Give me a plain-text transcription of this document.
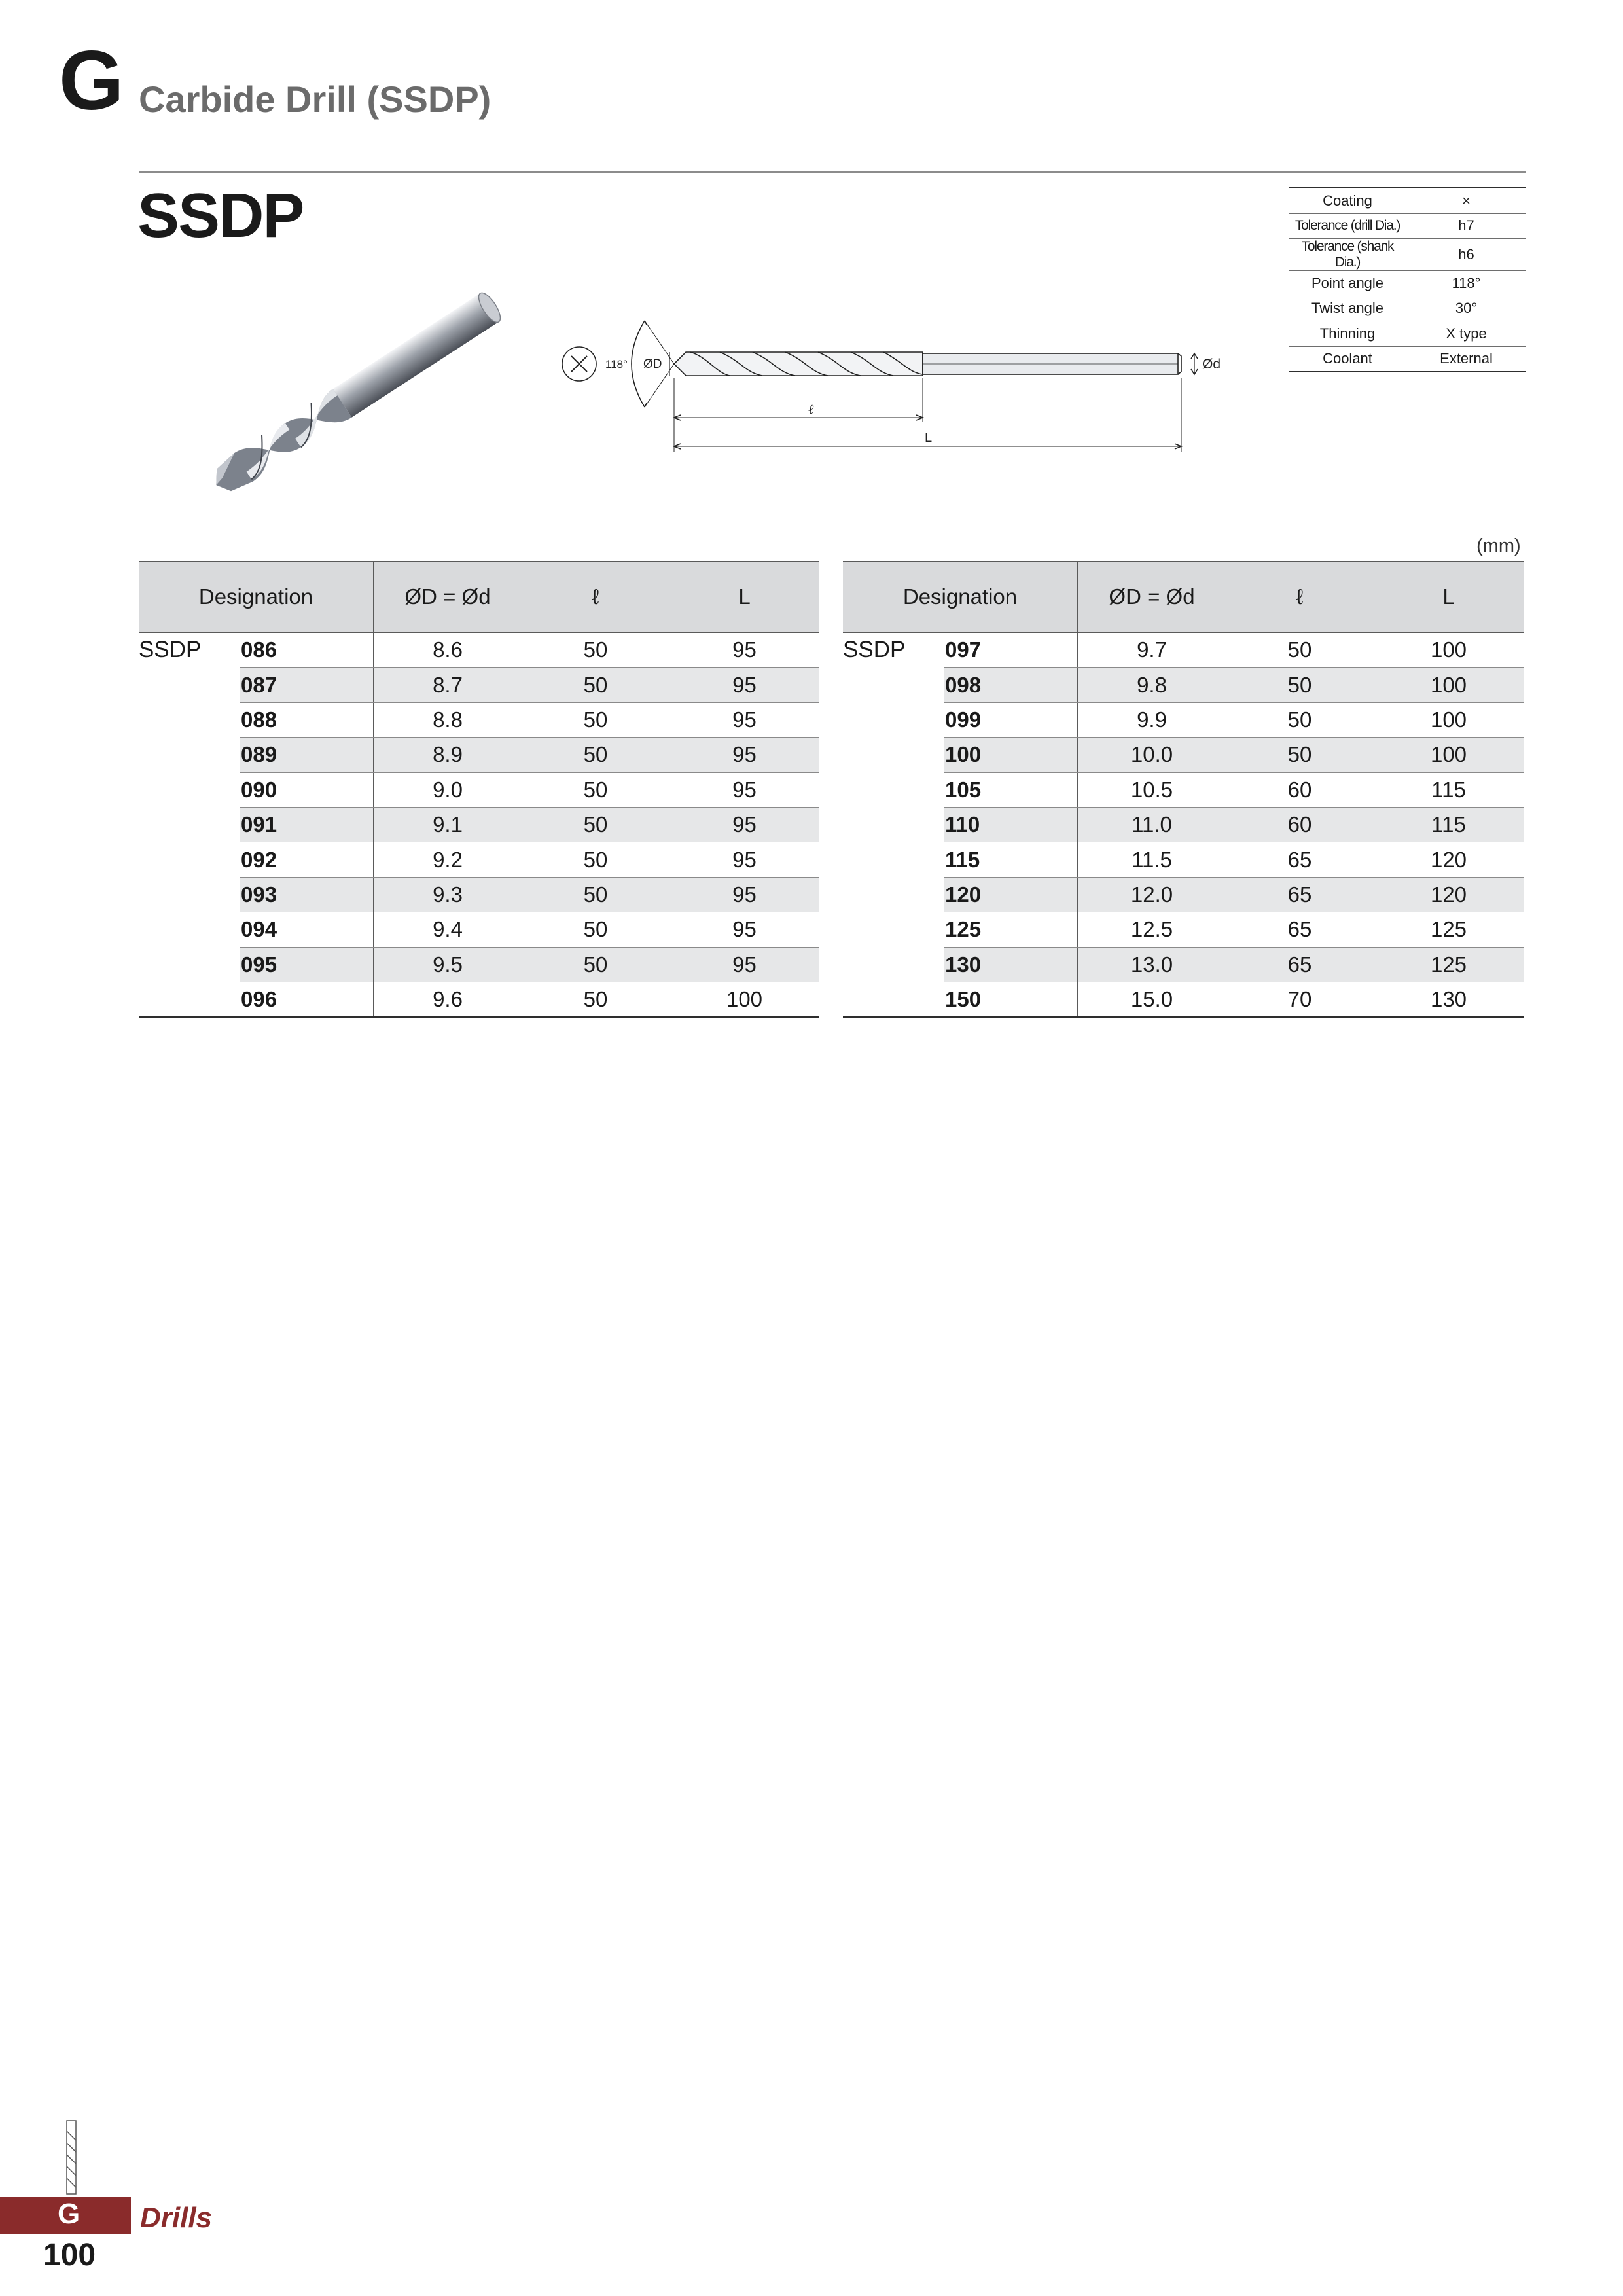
G Carbide Drill (SSDP)
SSDP	Coating	×
Tolerance (drill Dia.)	h7
Tolerance (shank Dia.)	h6
Point angle	118°
Twist angle	30°
Thinning	X type
Coolant	External
118° ØD	Ød
ℓ
L
(mm)
Designation		ØD = Ød	ℓ	L
SSDP	086	8.6	50	95
	087	8.7	50	95
	088	8.8	50	95
	089	8.9	50	95
	090	9.0	50	95
	091	9.1	50	95
	092	9.2	50	95
	093	9.3	50	95
	094	9.4	50	95
	095	9.5	50	95
	096	9.6	50	100
Designation		ØD = Ød	ℓ	L
SSDP	097	9.7	50	100
	098	9.8	50	100
	099	9.9	50	100
	100	10.0	50	100
	105	10.5	60	115
	110	11.0	60	115
	115	11.5	65	120
	120	12.0	65	120
	125	12.5	65	125
	130	13.0	65	125
	150	15.0	70	130
G Drills
100
